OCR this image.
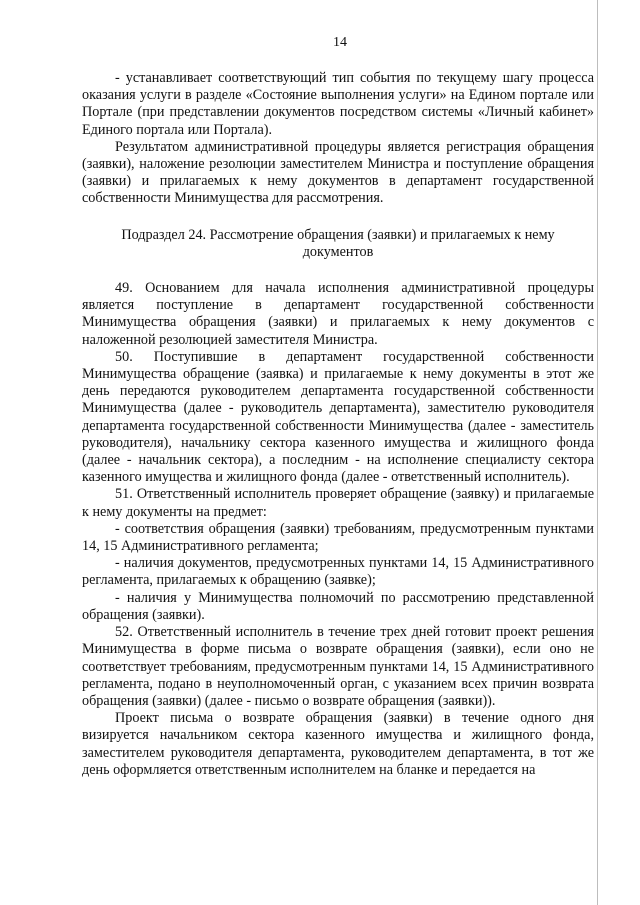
14

- устанавливает соответствующий тип события по текущему шагу процесса оказания услуги в разделе «Состояние выполнения услуги» на Едином портале или Портале (при представлении документов посредством системы «Личный кабинет» Единого портала или Портала).

Результатом административной процедуры является регистрация обращения (заявки), наложение резолюции заместителем Министра и поступление обращения (заявки) и прилагаемых к нему документов в департамент государственной собственности Минимущества для рассмотрения.

Подраздел 24. Рассмотрение обращения (заявки) и прилагаемых к нему
документов

49. Основанием для начала исполнения административной процедуры является поступление в департамент государственной собственности Минимущества обращения (заявки) и прилагаемых к нему документов с наложенной резолюцией заместителя Министра.

50. Поступившие в департамент государственной собственности Минимущества обращение (заявка) и прилагаемые к нему документы в этот же день передаются руководителем департамента государственной собственности Минимущества (далее - руководитель департамента), заместителю руководителя департамента государственной собственности Минимущества (далее - заместитель руководителя), начальнику сектора казенного имущества и жилищного фонда (далее - начальник сектора), а последним - на исполнение специалисту сектора казенного имущества и жилищного фонда (далее - ответственный исполнитель).

51. Ответственный исполнитель проверяет обращение (заявку) и прилагаемые к нему документы на предмет:

- соответствия обращения (заявки) требованиям, предусмотренным пунктами 14, 15 Административного регламента;

- наличия документов, предусмотренных пунктами 14, 15 Административного регламента, прилагаемых к обращению (заявке);

- наличия у Минимущества полномочий по рассмотрению представленной обращения (заявки).

52. Ответственный исполнитель в течение трех дней готовит проект решения Минимущества в форме письма о возврате обращения (заявки), если оно не соответствует требованиям, предусмотренным пунктами 14, 15 Административного регламента, подано в неуполномоченный орган, с указанием всех причин возврата обращения (заявки) (далее - письмо о возврате обращения (заявки)).

Проект письма о возврате обращения (заявки) в течение одного дня визируется начальником сектора казенного имущества и жилищного фонда, заместителем руководителя департамента, руководителем департамента, в тот же день оформляется ответственным исполнителем на бланке и передается на
